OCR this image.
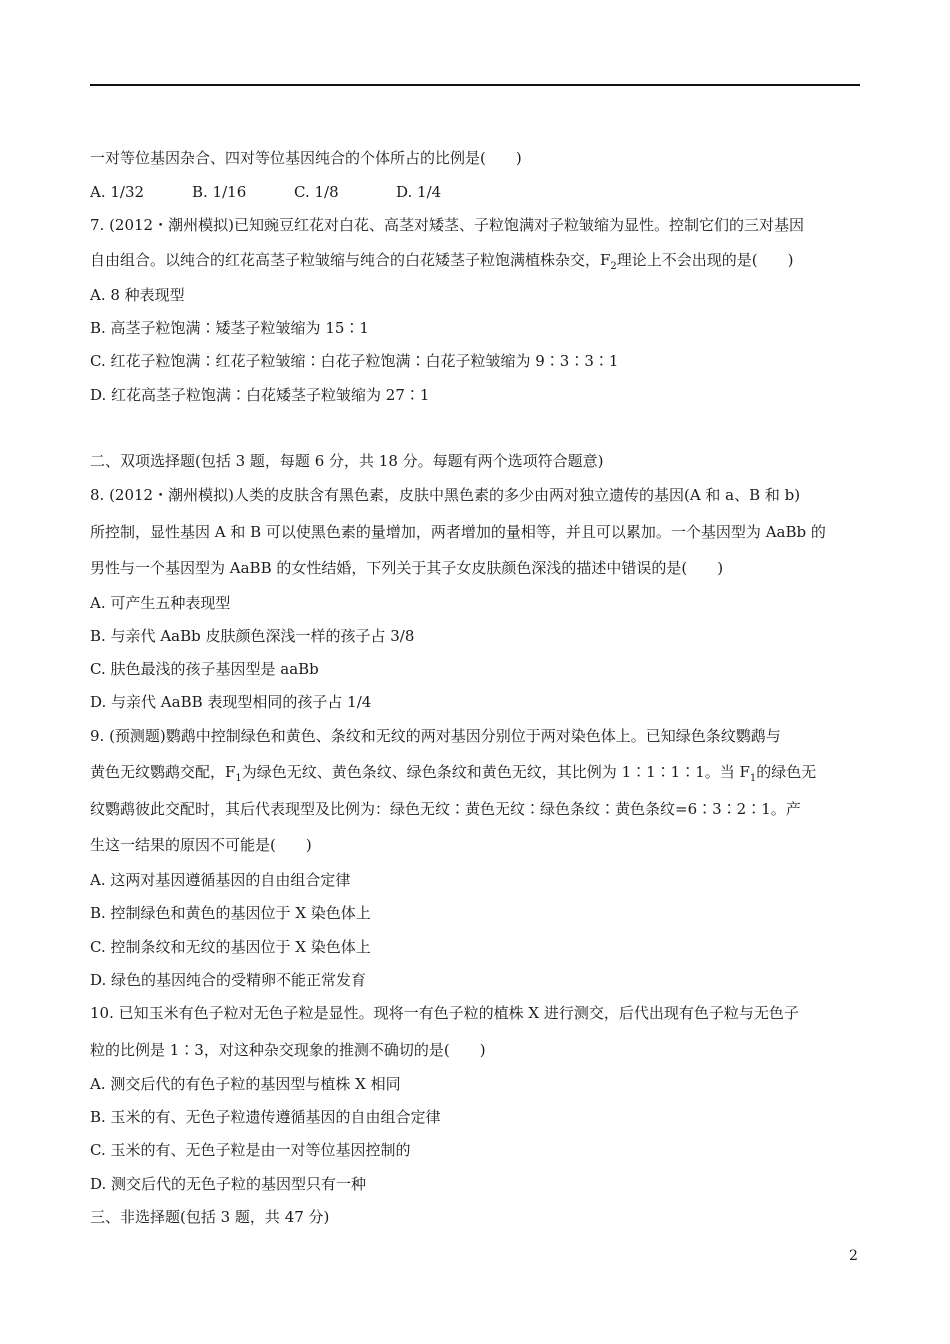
一对等位基因杂合、四对等位基因纯合的个体所占的比例是(　　)
A. 1/32	B. 1/16	C. 1/8	D. 1/4
7. (2012・潮州模拟)已知豌豆红花对白花、高茎对矮茎、子粒饱满对子粒皱缩为显性。控制它们的三对基因
自由组合。以纯合的红花高茎子粒皱缩与纯合的白花矮茎子粒饱满植株杂交，$F_2$理论上不会出现的是(　　)
A. 8 种表现型
B. 高茎子粒饱满∶矮茎子粒皱缩为 15∶1
C. 红花子粒饱满∶红花子粒皱缩∶白花子粒饱满∶白花子粒皱缩为 9∶3∶3∶1
D. 红花高茎子粒饱满∶白花矮茎子粒皱缩为 27∶1
二、双项选择题(包括 3 题，每题 6 分，共 18 分。每题有两个选项符合题意)
8. (2012・潮州模拟)人类的皮肤含有黑色素，皮肤中黑色素的多少由两对独立遗传的基因(A 和 a、B 和 b)
所控制，显性基因 A 和 B 可以使黑色素的量增加，两者增加的量相等，并且可以累加。一个基因型为 AaBb 的
男性与一个基因型为 AaBB 的女性结婚，下列关于其子女皮肤颜色深浅的描述中错误的是(　　)
A. 可产生五种表现型
B. 与亲代 AaBb 皮肤颜色深浅一样的孩子占 3/8
C. 肤色最浅的孩子基因型是 aaBb
D. 与亲代 AaBB 表现型相同的孩子占 1/4
9. (预测题)鹦鹉中控制绿色和黄色、条纹和无纹的两对基因分别位于两对染色体上。已知绿色条纹鹦鹉与
黄色无纹鹦鹉交配，$F_1$为绿色无纹、黄色条纹、绿色条纹和黄色无纹，其比例为 1∶1∶1∶1。当 $F_1$的绿色无
纹鹦鹉彼此交配时，其后代表现型及比例为：绿色无纹∶黄色无纹∶绿色条纹∶黄色条纹=6∶3∶2∶1。产
生这一结果的原因不可能是(　　)
A. 这两对基因遵循基因的自由组合定律
B. 控制绿色和黄色的基因位于 X 染色体上
C. 控制条纹和无纹的基因位于 X 染色体上
D. 绿色的基因纯合的受精卵不能正常发育
10. 已知玉米有色子粒对无色子粒是显性。现将一有色子粒的植株 X 进行测交，后代出现有色子粒与无色子
粒的比例是 1∶3，对这种杂交现象的推测不确切的是(　　)
A. 测交后代的有色子粒的基因型与植株 X 相同
B. 玉米的有、无色子粒遗传遵循基因的自由组合定律
C. 玉米的有、无色子粒是由一对等位基因控制的
D. 测交后代的无色子粒的基因型只有一种
三、非选择题(包括 3 题，共 47 分)
2
